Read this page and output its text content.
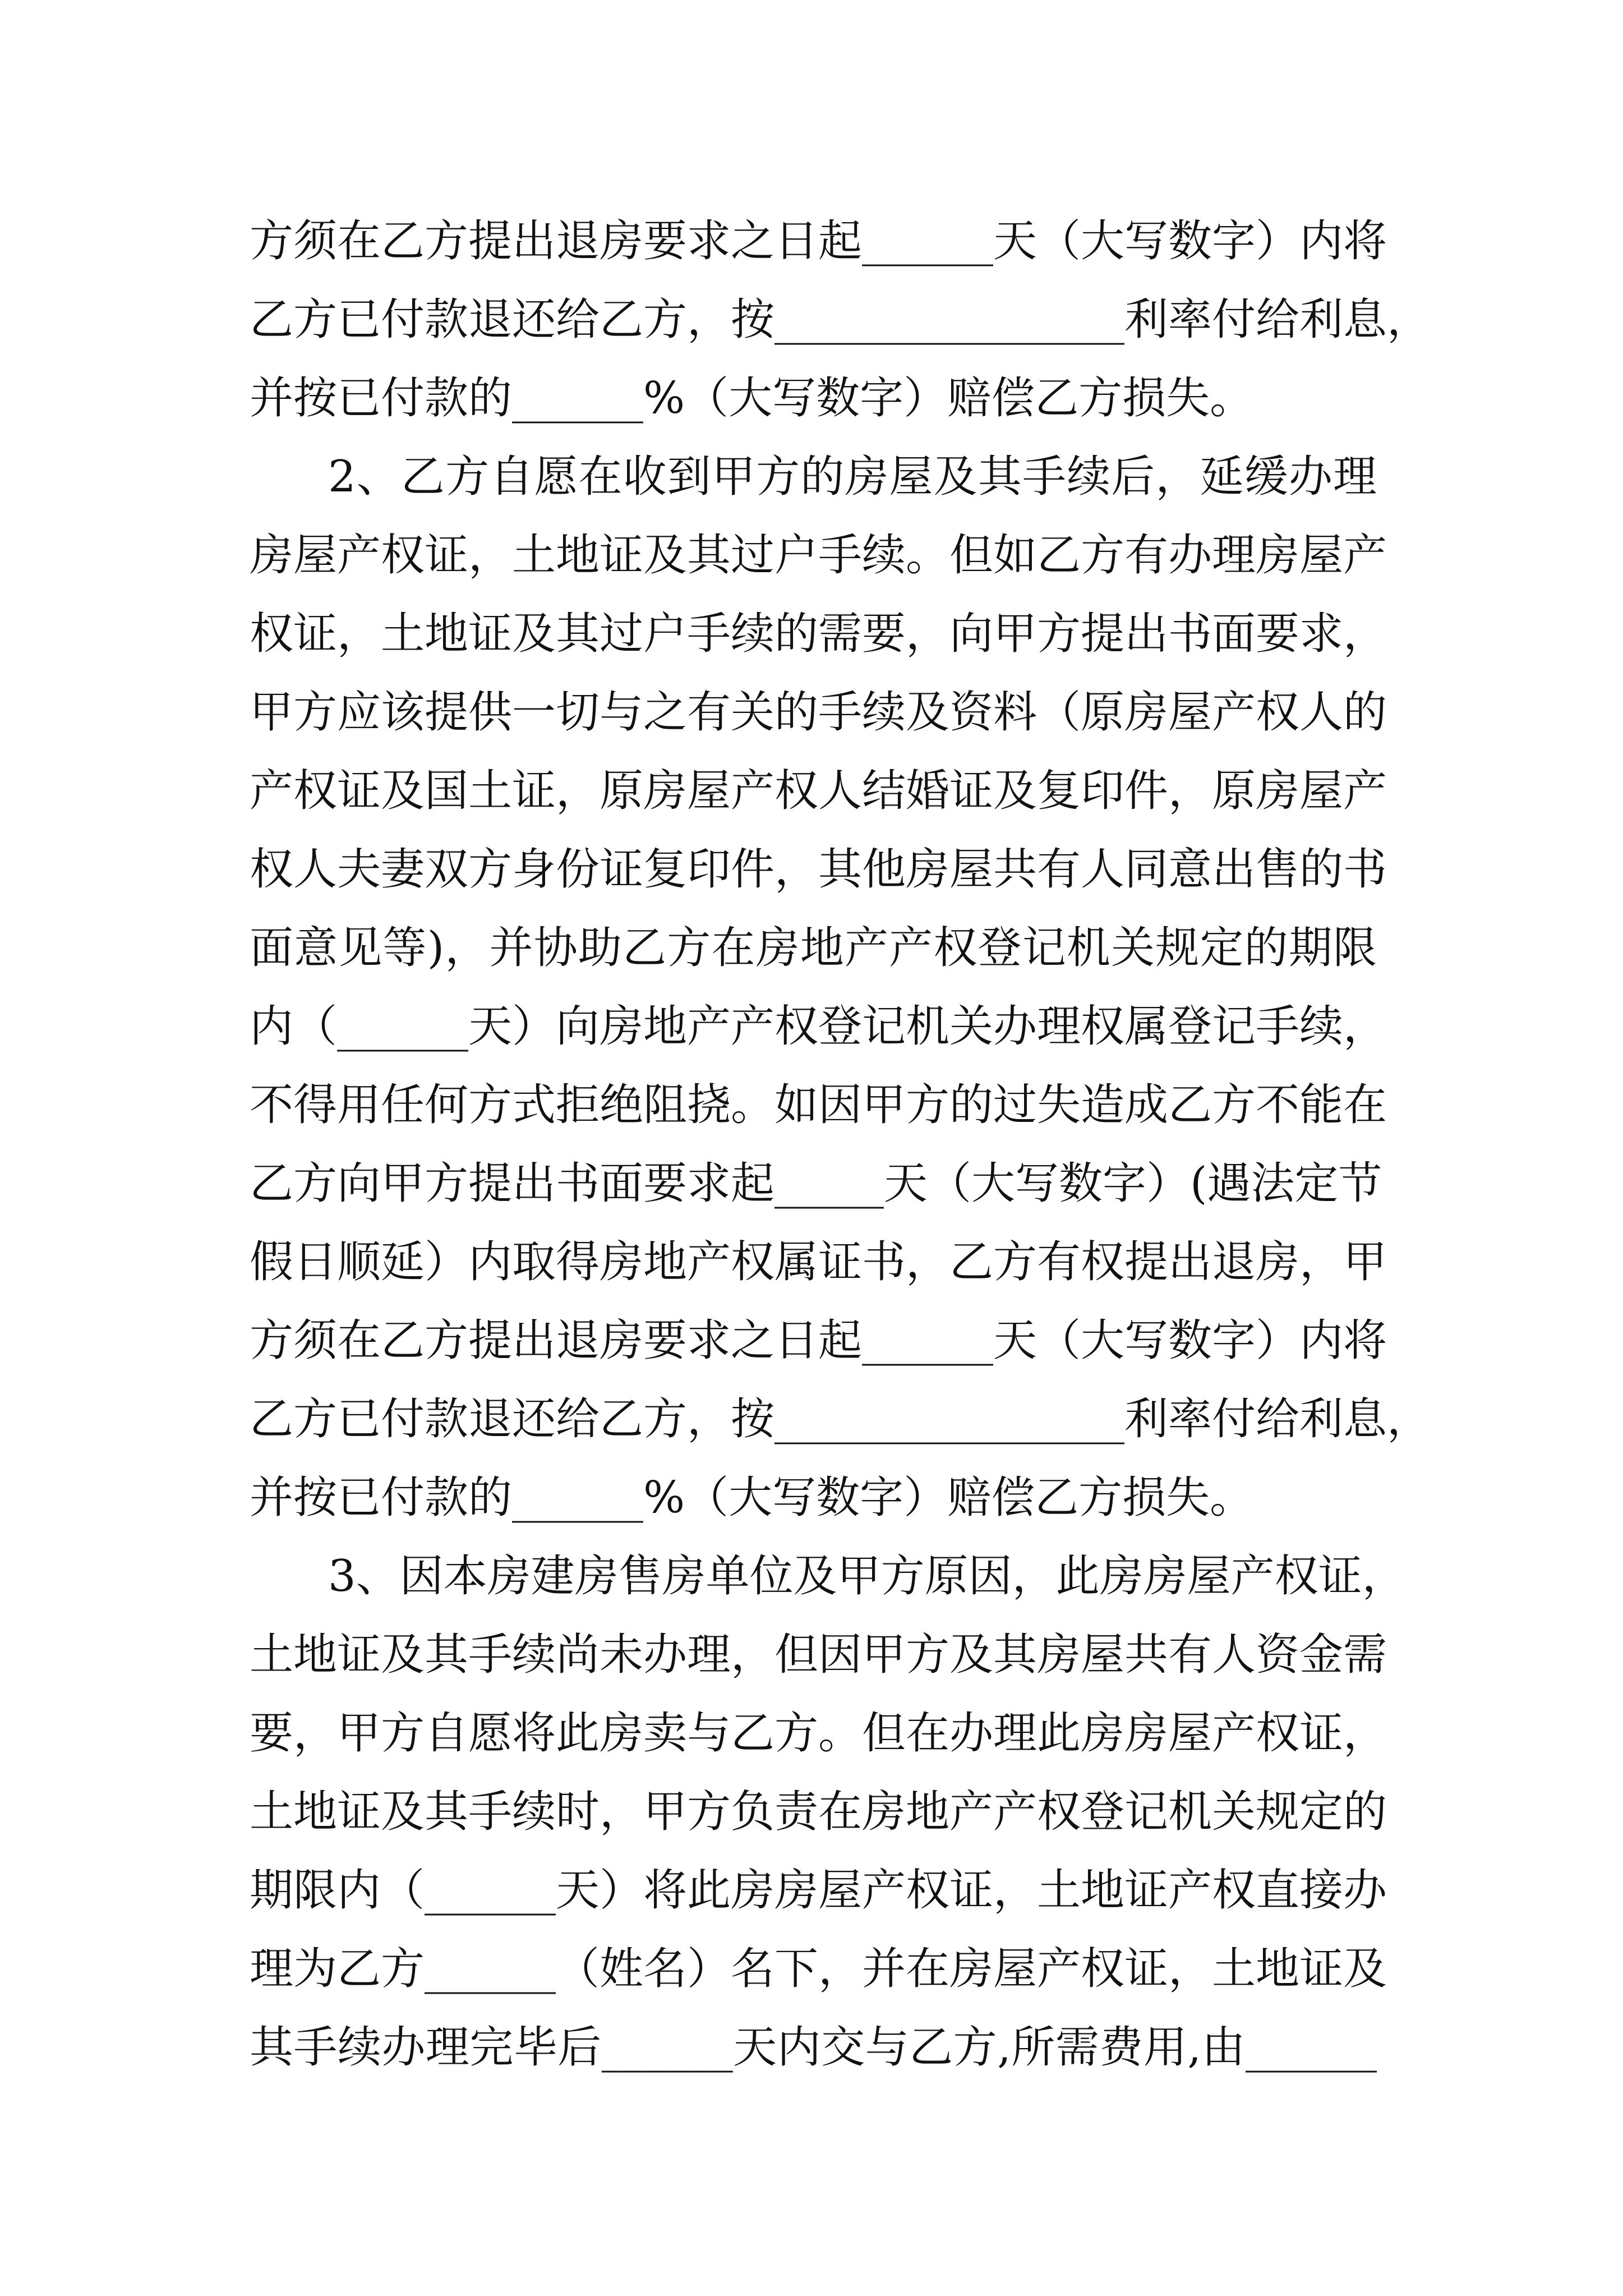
方须在乙方提出退房要求之日起______天（大写数字）内将
乙方已付款退还给乙方，按________________利率付给利息，
并按已付款的______%（大写数字）赔偿乙方损失。
2、乙方自愿在收到甲方的房屋及其手续后，延缓办理
房屋产权证，土地证及其过户手续。但如乙方有办理房屋产
权证，土地证及其过户手续的需要，向甲方提出书面要求，
甲方应该提供一切与之有关的手续及资料（原房屋产权人的
产权证及国土证，原房屋产权人结婚证及复印件，原房屋产
权人夫妻双方身份证复印件，其他房屋共有人同意出售的书
面意见等)，并协助乙方在房地产产权登记机关规定的期限
内（______天）向房地产产权登记机关办理权属登记手续，
不得用任何方式拒绝阻挠。如因甲方的过失造成乙方不能在
乙方向甲方提出书面要求起_____天（大写数字）(遇法定节
假日顺延）内取得房地产权属证书，乙方有权提出退房，甲
方须在乙方提出退房要求之日起______天（大写数字）内将
乙方已付款退还给乙方，按________________利率付给利息，
并按已付款的______%（大写数字）赔偿乙方损失。
3、因本房建房售房单位及甲方原因，此房房屋产权证，
土地证及其手续尚未办理，但因甲方及其房屋共有人资金需
要，甲方自愿将此房卖与乙方。但在办理此房房屋产权证，
土地证及其手续时，甲方负责在房地产产权登记机关规定的
期限内（______天）将此房房屋产权证，土地证产权直接办
理为乙方______（姓名）名下，并在房屋产权证，土地证及
其手续办理完毕后______天内交与乙方,所需费用,由______
